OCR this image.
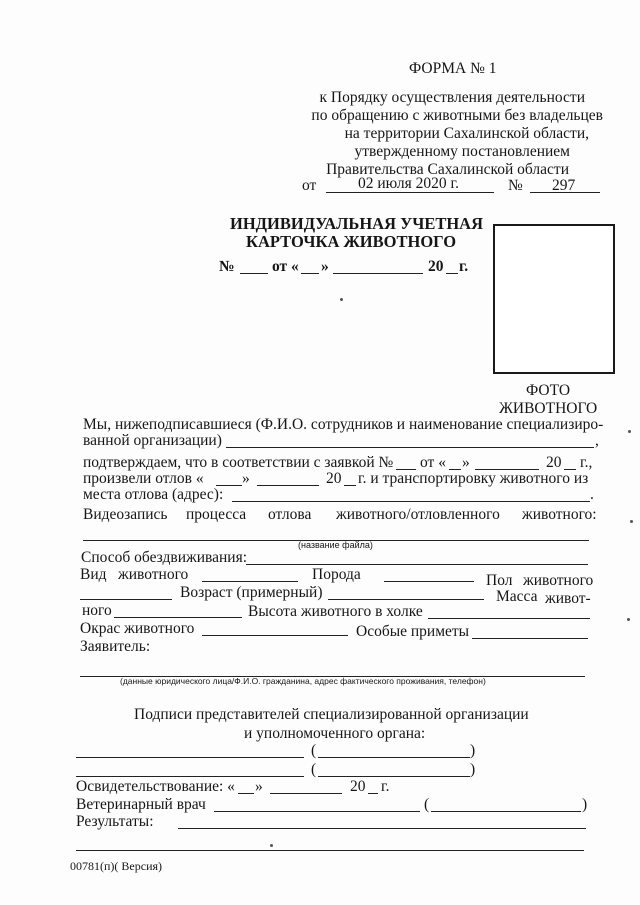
ФОРМА № 1
к Порядку осуществления деятельности
по обращению с животными без владельцев
на территории Сахалинской области,
утвержденному постановлением
Правительства Сахалинской области
от	02 июля 2020 г.	№ 297
ИНДИВИДУАЛЬНАЯ УЧЕТНАЯ
КАРТОЧКА ЖИВОТНОГО
№ от « »	20 г.
ФОТО
ЖИВОТНОГО
Мы, нижеподписавшиеся (Ф.И.О. сотрудников и наименование специализиро-
ванной организации)	,
подтверждаем, что в соответствии с заявкой № от « »	20 г.,
произвели отлов « »	20 г. и транспортировку животного из
места отлова (адрес):	.
Видеозапись процесса отлова животного/отловленного животного:
(название файла)
Способ обездвиживания:
Вид животного	Порода	Пол животного
Возраст (примерный)	Масса живот-
ного	Высота животного в холке
Окрас животного	Особые приметы
Заявитель:
(данные юридического лица/Ф.И.О. гражданина, адрес фактического проживания, телефон)
Подписи представителей специализированной организации
и уполномоченного органа:
(	)
(	)
Освидетельствование: « »	20 г.
Ветеринарный врач	(	)
Результаты:
00781(п)( Версия)
